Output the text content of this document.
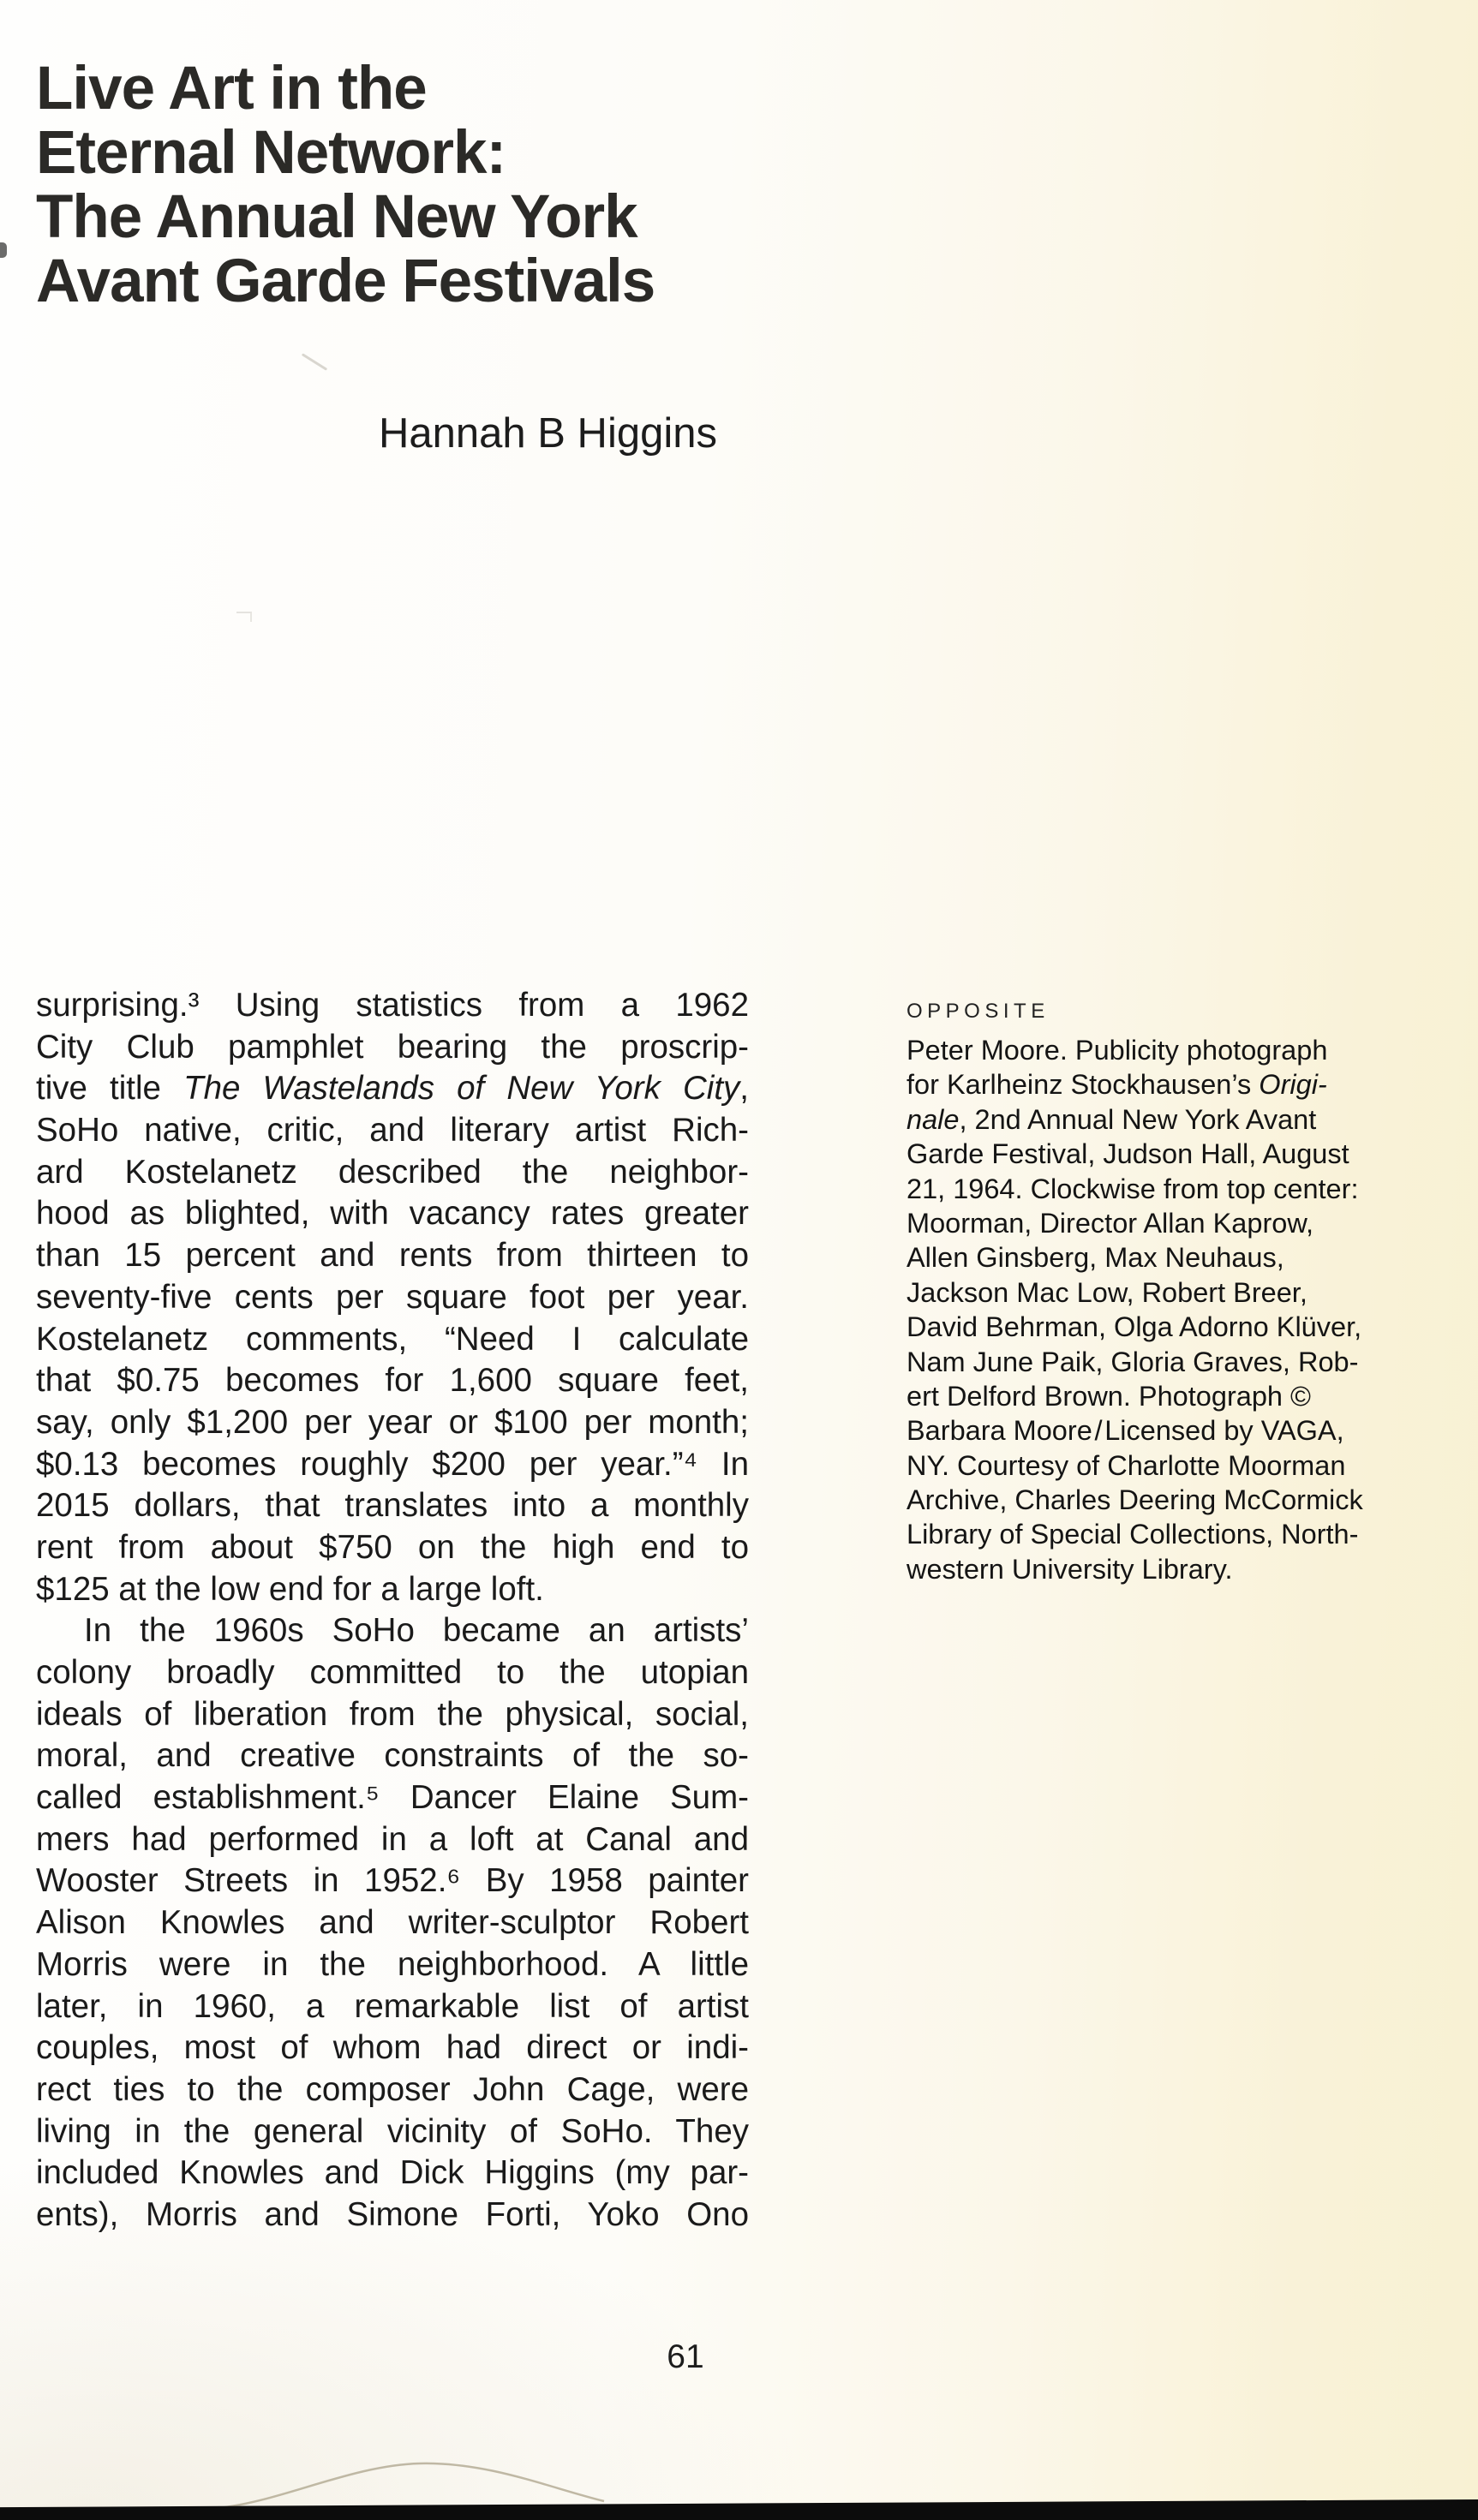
Live Art in the
Eternal Network:
The Annual New York
Avant Garde Festivals
Hannah B Higgins
surprising.³ Using statistics from a 1962
City Club pamphlet bearing the proscrip-
tive title The Wastelands of New York City,
SoHo native, critic, and literary artist Rich-
ard Kostelanetz described the neighbor-
hood as blighted, with vacancy rates greater
than 15 percent and rents from thirteen to
seventy-five cents per square foot per year.
Kostelanetz comments, “Need I calculate
that $0.75 becomes for 1,600 square feet,
say, only $1,200 per year or $100 per month;
$0.13 becomes roughly $200 per year.”⁴ In
2015 dollars, that translates into a monthly
rent from about $750 on the high end to
$125 at the low end for a large loft.
In the 1960s SoHo became an artists’
colony broadly committed to the utopian
ideals of liberation from the physical, social,
moral, and creative constraints of the so-
called establishment.⁵ Dancer Elaine Sum-
mers had performed in a loft at Canal and
Wooster Streets in 1952.⁶ By 1958 painter
Alison Knowles and writer-sculptor Robert
Morris were in the neighborhood. A little
later, in 1960, a remarkable list of artist
couples, most of whom had direct or indi-
rect ties to the composer John Cage, were
living in the general vicinity of SoHo. They
included Knowles and Dick Higgins (my par-
ents), Morris and Simone Forti, Yoko Ono
OPPOSITE
Peter Moore. Publicity photograph
for Karlheinz Stockhausen’s Origi-
nale, 2nd Annual New York Avant
Garde Festival, Judson Hall, August
21, 1964. Clockwise from top center:
Moorman, Director Allan Kaprow,
Allen Ginsberg, Max Neuhaus,
Jackson Mac Low, Robert Breer,
David Behrman, Olga Adorno Klüver,
Nam June Paik, Gloria Graves, Rob-
ert Delford Brown. Photograph ©
Barbara Moore / Licensed by VAGA,
NY. Courtesy of Charlotte Moorman
Archive, Charles Deering McCormick
Library of Special Collections, North-
western University Library.
61
